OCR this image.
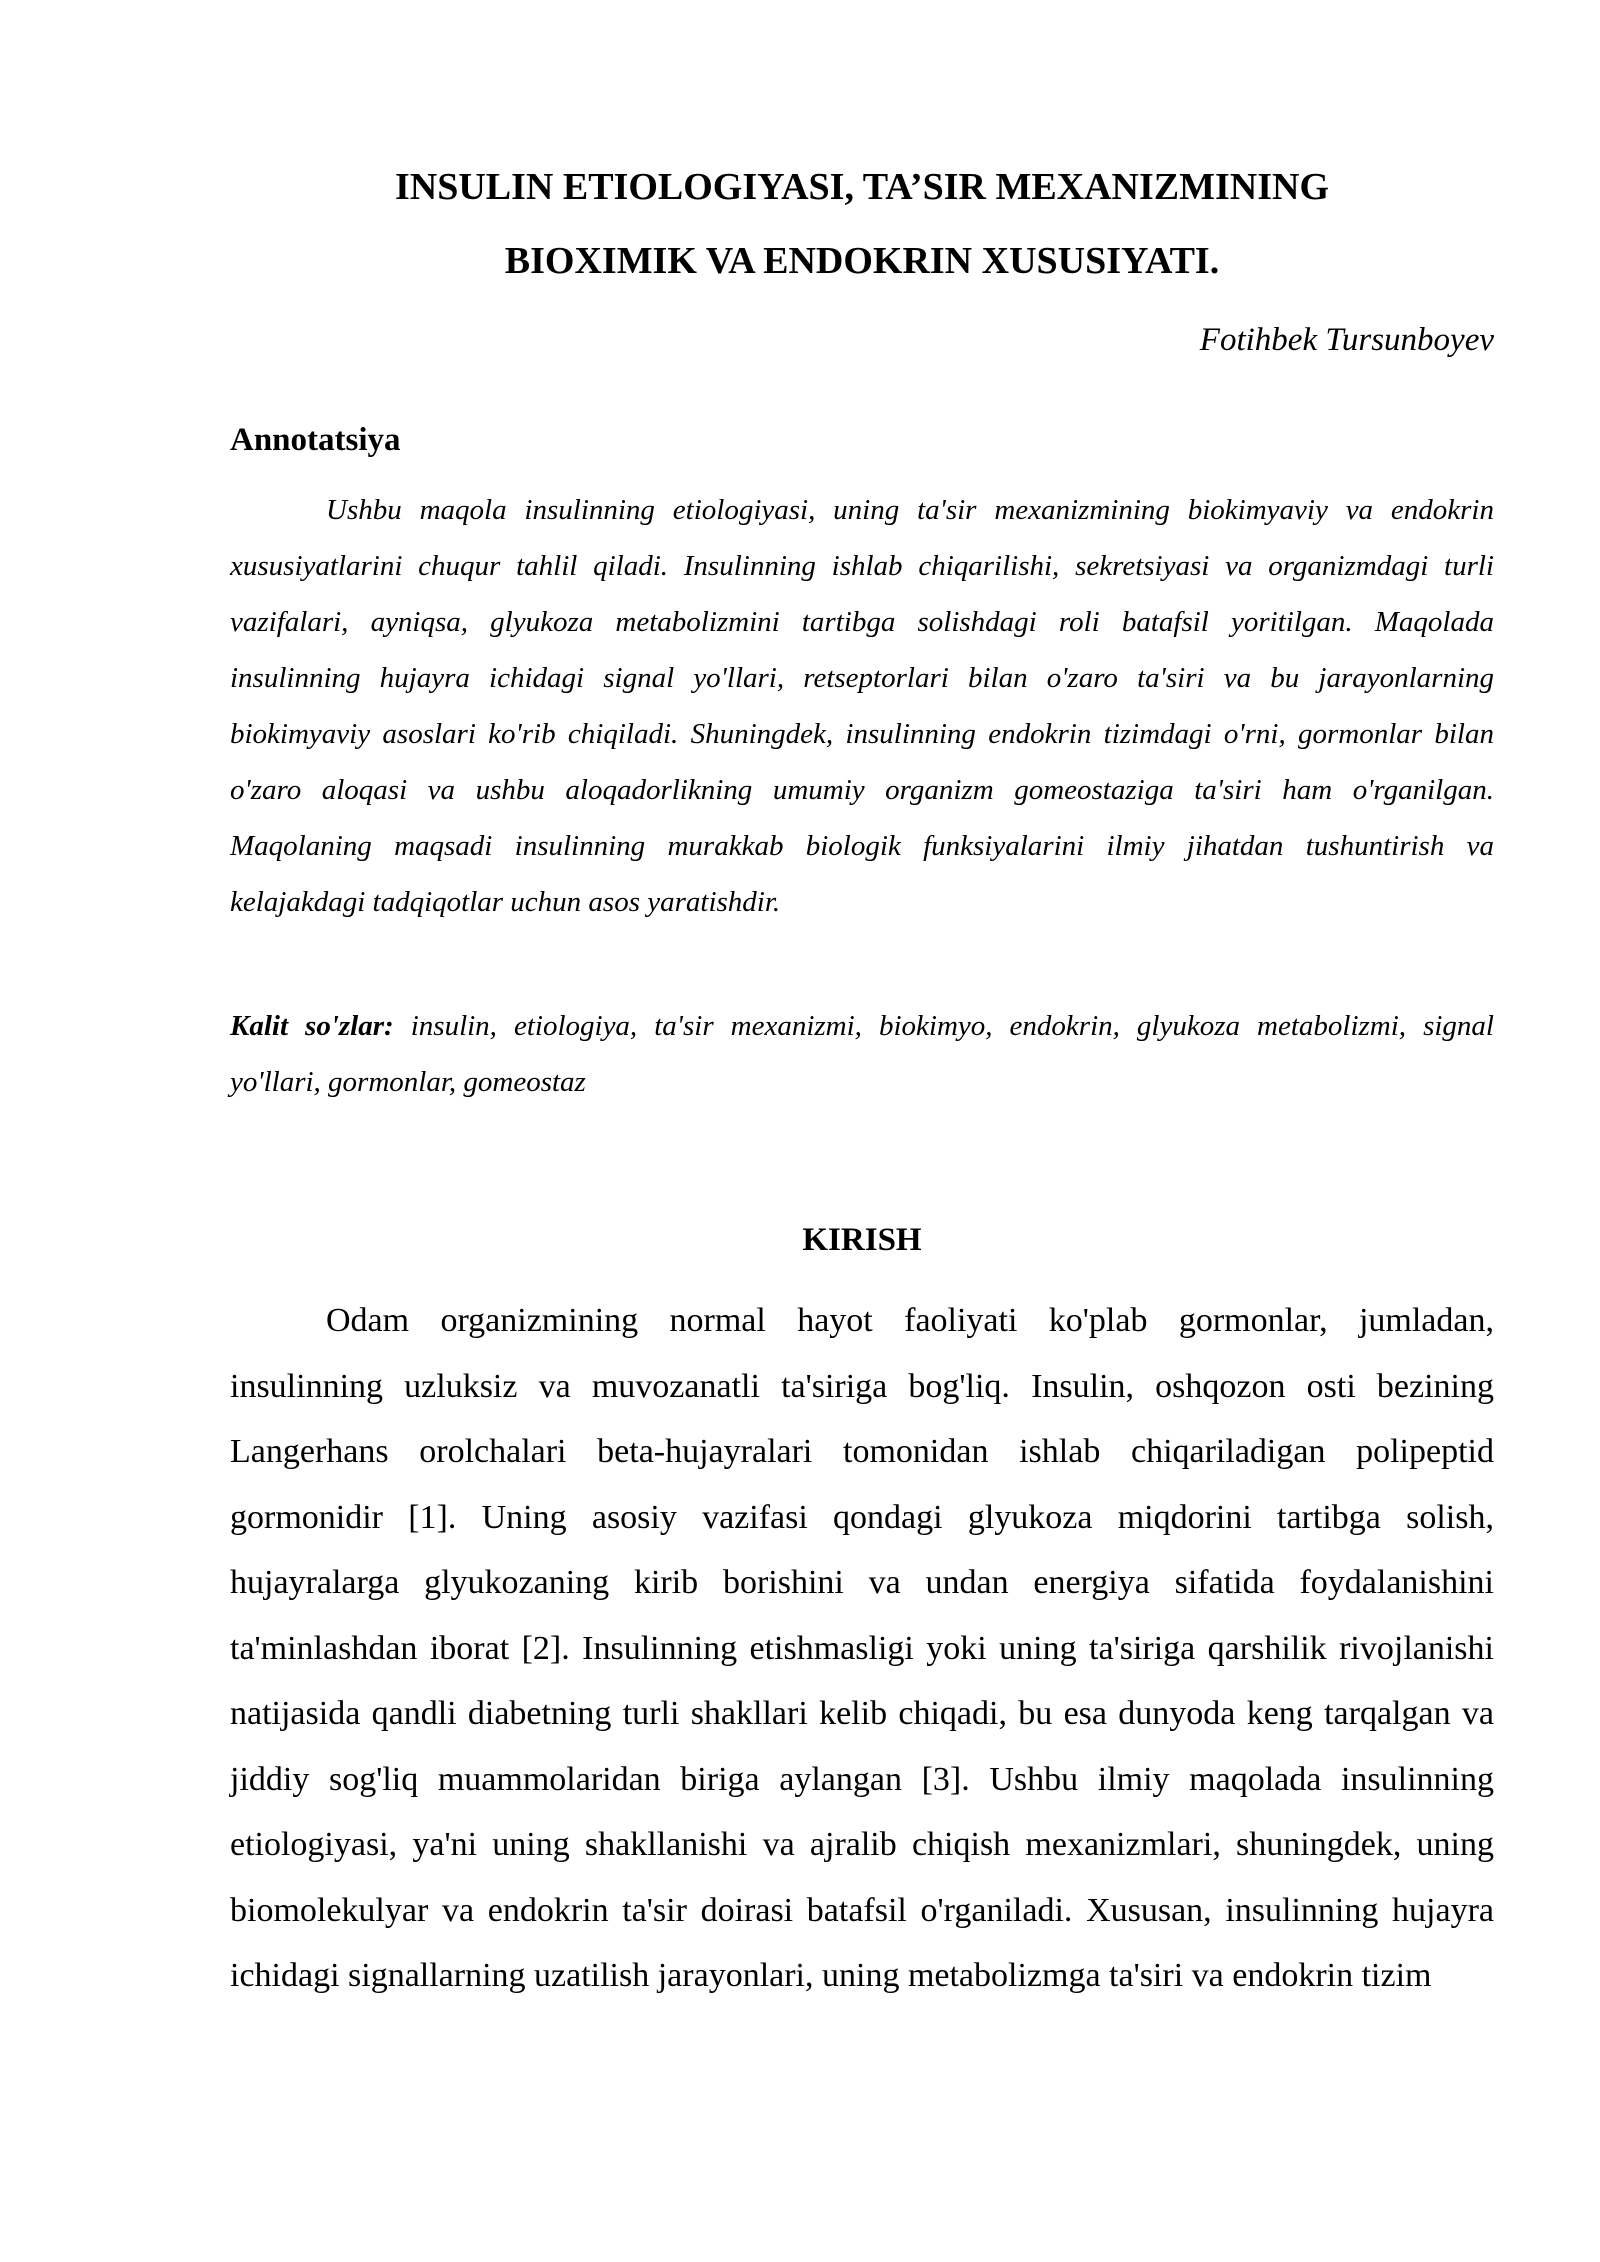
INSULIN ETIOLOGIYASI, TA’SIR MEXANIZMINING
BIOXIMIK VA ENDOKRIN XUSUSIYATI.
Fotihbek Tursunboyev
Annotatsiya

Ushbu maqola insulinning etiologiyasi, uning ta'sir mexanizmining biokimyaviy va endokrin xususiyatlarini chuqur tahlil qiladi. Insulinning ishlab chiqarilishi, sekretsiyasi va organizmdagi turli vazifalari, ayniqsa, glyukoza metabolizmini tartibga solishdagi roli batafsil yoritilgan. Maqolada insulinning hujayra ichidagi signal yo'llari, retseptorlari bilan o'zaro ta'siri va bu jarayonlarning biokimyaviy asoslari ko'rib chiqiladi. Shuningdek, insulinning endokrin tizimdagi o'rni, gormonlar bilan o'zaro aloqasi va ushbu aloqadorlikning umumiy organizm gomeostaziga ta'siri ham o'rganilgan. Maqolaning maqsadi insulinning murakkab biologik funksiyalarini ilmiy jihatdan tushuntirish va kelajakdagi tadqiqotlar uchun asos yaratishdir.

Kalit so'zlar: insulin, etiologiya, ta'sir mexanizmi, biokimyo, endokrin, glyukoza metabolizmi, signal yo'llari, gormonlar, gomeostaz

KIRISH

Odam organizmining normal hayot faoliyati ko'plab gormonlar, jumladan, insulinning uzluksiz va muvozanatli ta'siriga bog'liq. Insulin, oshqozon osti bezining Langerhans orolchalari beta-hujayralari tomonidan ishlab chiqariladigan polipeptid gormonidir [1]. Uning asosiy vazifasi qondagi glyukoza miqdorini tartibga solish, hujayralarga glyukozaning kirib borishini va undan energiya sifatida foydalanishini ta'minlashdan iborat [2]. Insulinning etishmasligi yoki uning ta'siriga qarshilik rivojlanishi natijasida qandli diabetning turli shakllari kelib chiqadi, bu esa dunyoda keng tarqalgan va jiddiy sog'liq muammolaridan biriga aylangan [3]. Ushbu ilmiy maqolada insulinning etiologiyasi, ya'ni uning shakllanishi va ajralib chiqish mexanizmlari, shuningdek, uning biomolekulyar va endokrin ta'sir doirasi batafsil o'rganiladi. Xususan, insulinning hujayra ichidagi signallarning uzatilish jarayonlari, uning metabolizmga ta'siri va endokrin tizim
